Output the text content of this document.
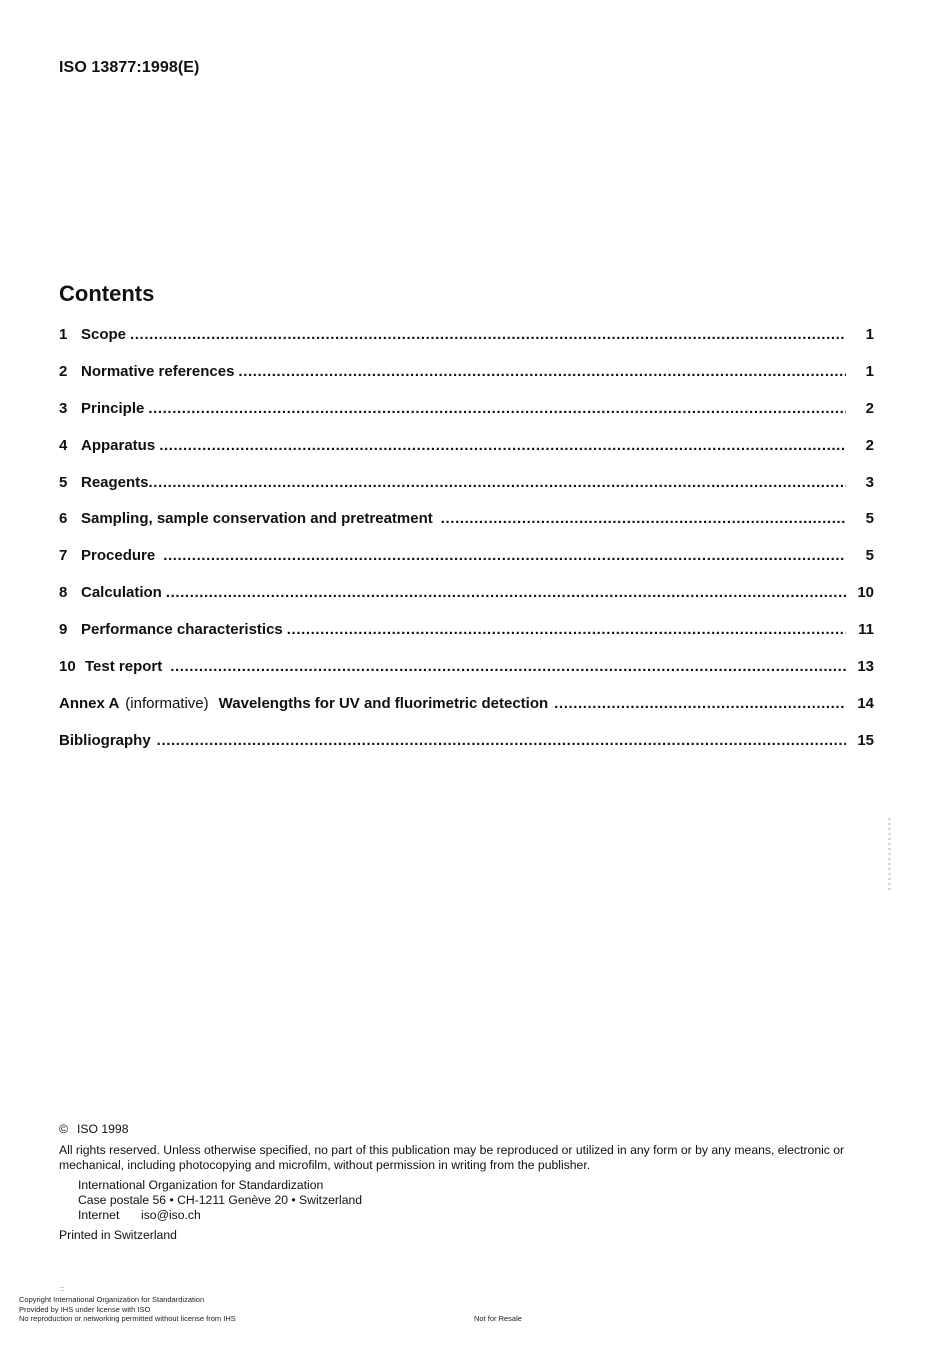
ISO 13877:1998(E)
Contents
1 Scope .....	1
2 Normative references .....	1
3 Principle .....	2
4 Apparatus .....	2
5 Reagents .....	3
6 Sampling, sample conservation and pretreatment .....	5
7 Procedure .....	5
8 Calculation .....	10
9 Performance characteristics .....	11
10 Test report .....	13
Annex A (informative) Wavelengths for UV and fluorimetric detection .....	14
Bibliography .....	15
© ISO 1998
All rights reserved. Unless otherwise specified, no part of this publication may be reproduced or utilized in any form or by any means, electronic or mechanical, including photocopying and microfilm, without permission in writing from the publisher.
International Organization for Standardization
Case postale 56 • CH-1211 Genève 20 • Switzerland
Internet iso@iso.ch
Printed in Switzerland
::
Copyright International Organization for Standardization
Provided by IHS under license with ISO
No reproduction or networking permitted without license from IHS	Not for Resale
